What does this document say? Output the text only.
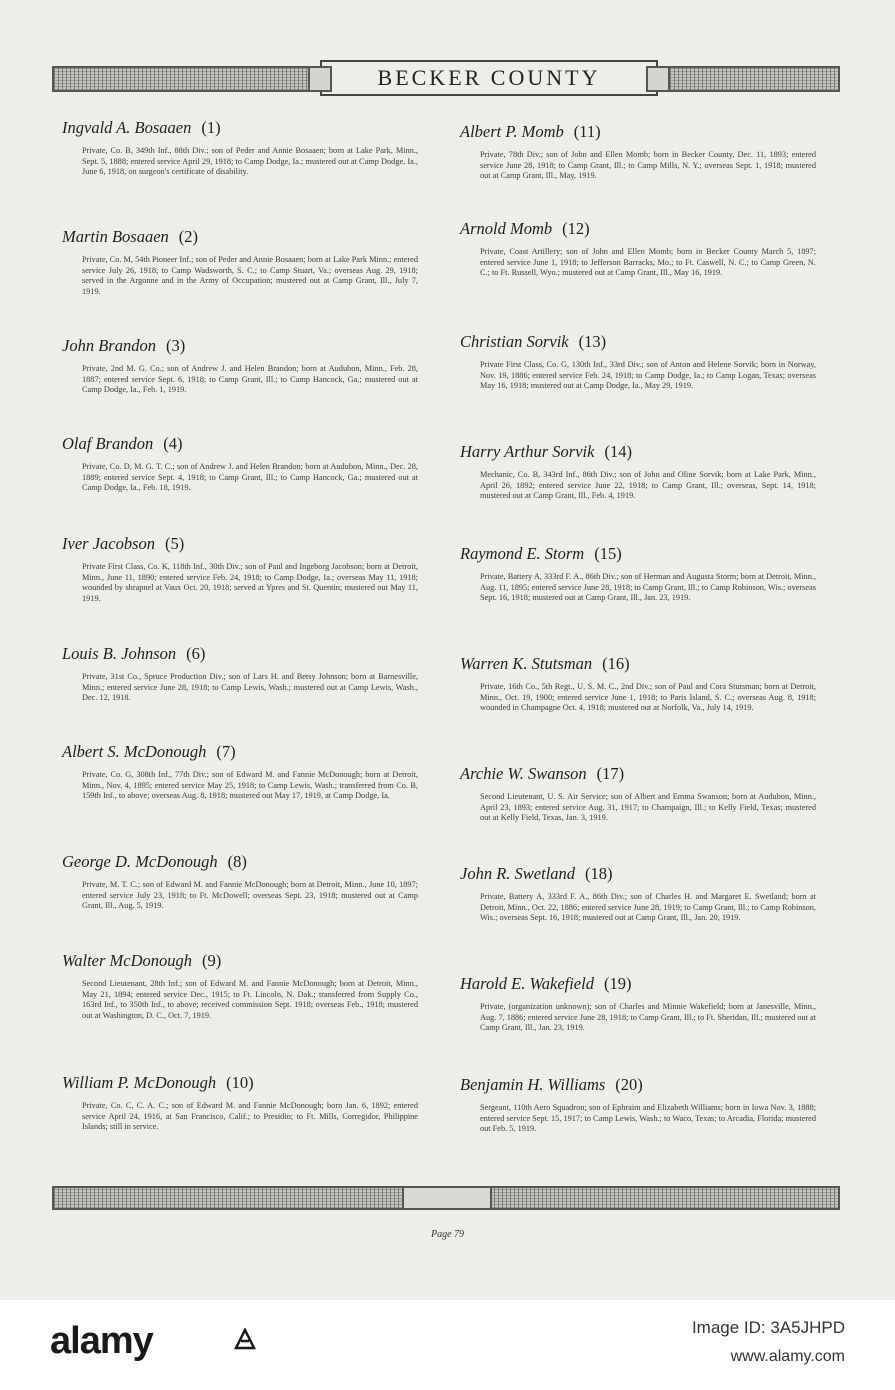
BECKER COUNTY
Ingvald A. Bosaaen (1)
Private, Co. B, 349th Inf., 88th Div.; son of Peder and Annie Bosaaen; born at Lake Park, Minn., Sept. 5, 1888; entered service April 29, 1918; to Camp Dodge, Ia.; mustered out at Camp Dodge, Ia., June 6, 1918, on surgeon's certificate of disability.
Martin Bosaaen (2)
Private, Co. M, 54th Pioneer Inf.; son of Peder and Annie Bosaaen; born at Lake Park Minn.; entered service July 26, 1918; to Camp Wadsworth, S. C.; to Camp Stuart, Va.; overseas Aug. 29, 1918; served in the Argonne and in the Army of Occupation; mustered out at Camp Grant, Ill., July 7, 1919.
John Brandon (3)
Private, 2nd M. G. Co.; son of Andrew J. and Helen Brandon; born at Audubon, Minn., Feb. 28, 1887; entered service Sept. 6, 1918; to Camp Grant, Ill.; to Camp Hancock, Ga.; mustered out at Camp Dodge, Ia., Feb. 1, 1919.
Olaf Brandon (4)
Private, Co. D, M. G. T. C.; son of Andrew J. and Helen Brandon; born at Audubon, Minn., Dec. 28, 1889; entered service Sept. 4, 1918; to Camp Grant, Ill.; to Camp Hancock, Ga.; mustered out at Camp Dodge, Ia., Feb. 18, 1919.
Iver Jacobson (5)
Private First Class, Co. K, 118th Inf., 30th Div.; son of Paul and Ingeborg Jacobson; born at Detroit, Minn., June 11, 1890; entered service Feb. 24, 1918; to Camp Dodge, Ia.; overseas May 11, 1918; wounded by shrapnel at Vaux Oct. 20, 1918; served at Ypres and St. Quentin; mustered out May 11, 1919.
Louis B. Johnson (6)
Private, 31st Co., Spruce Production Div.; son of Lars H. and Betsy Johnson; born at Barnesville, Minn.; entered service June 28, 1918; to Camp Lewis, Wash.; mustered out at Camp Lewis, Wash., Dec. 12, 1918.
Albert S. McDonough (7)
Private, Co. G, 308th Inf., 77th Div.; son of Edward M. and Fannie McDonough; born at Detroit, Minn., Nov. 4, 1895; entered service May 25, 1918; to Camp Lewis, Wash.; transferred from Co. B, 159th Inf., to above; overseas Aug. 8, 1918; mustered out May 17, 1919, at Camp Dodge, Ia.
George D. McDonough (8)
Private, M. T. C.; son of Edward M. and Fannie McDonough; born at Detroit, Minn., June 10, 1897; entered service July 23, 1918; to Ft. McDowell; overseas Sept. 23, 1918; mustered out at Camp Grant, Ill., Aug. 5, 1919.
Walter McDonough (9)
Second Lieutenant, 28th Inf.; son of Edward M. and Fannie McDonough; born at Detroit, Minn., May 21, 1894; entered service Dec., 1915; to Ft. Lincoln, N. Dak.; transferred from Supply Co., 163rd Inf., to 350th Inf., to above; received commission Sept. 1918; overseas Feb., 1918; mustered out at Washington, D. C., Oct. 7, 1919.
William P. McDonough (10)
Private, Co. C, C. A. C.; son of Edward M. and Fannie McDonough; born Jan. 6, 1892; entered service April 24, 1916, at San Francisco, Calif.; to Presidio; to Ft. Mills, Corregidor, Philippine Islands; still in service.
Albert P. Momb (11)
Private, 78th Div.; son of John and Ellen Momb; born in Becker County, Dec. 11, 1893; entered service June 28, 1918; to Camp Grant, Ill.; to Camp Mills, N. Y.; overseas Sept. 1, 1918; mustered out at Camp Grant, Ill., May, 1919.
Arnold Momb (12)
Private, Coast Artillery; son of John and Ellen Momb; born in Becker County March 5, 1897; entered service June 1, 1918; to Jefferson Barracks, Mo.; to Ft. Caswell, N. C.; to Camp Green, N. C.; to Ft. Russell, Wyo.; mustered out at Camp Grant, Ill., May 16, 1919.
Christian Sorvik (13)
Private First Class, Co. G, 130th Inf., 33rd Div.; son of Anton and Helene Sorvik; born in Norway, Nov. 19, 1886; entered service Feb. 24, 1918; to Camp Dodge, Ia.; to Camp Logan, Texas; overseas May 16, 1918; mustered out at Camp Dodge, Ia., May 29, 1919.
Harry Arthur Sorvik (14)
Mechanic, Co. B, 343rd Inf., 86th Div.; son of John and Oline Sorvik; born at Lake Park, Minn., April 26, 1892; entered service June 22, 1918; to Camp Grant, Ill.; overseas, Sept. 14, 1918; mustered out at Camp Grant, Ill., Feb. 4, 1919.
Raymond E. Storm (15)
Private, Battery A, 333rd F. A., 86th Div.; son of Herman and Augusta Storm; born at Detroit, Minn., Aug. 11, 1895; entered service June 28, 1918; to Camp Grant, Ill.; to Camp Robinson, Wis.; overseas Sept. 16, 1918; mustered out at Camp Grant, Ill., Jan. 23, 1919.
Warren K. Stutsman (16)
Private, 16th Co., 5th Regt., U. S. M. C., 2nd Div.; son of Paul and Cora Stutsman; born at Detroit, Minn., Oct. 19, 1900; entered service June 1, 1918; to Paris Island, S. C.; overseas Aug. 8, 1918; wounded in Champagne Oct. 4, 1918; mustered out at Norfolk, Va., July 14, 1919.
Archie W. Swanson (17)
Second Lieutenant, U. S. Air Service; son of Albert and Emma Swanson; born at Audubon, Minn., April 23, 1893; entered service Aug. 31, 1917; to Champaign, Ill.; to Kelly Field, Texas; mustered out at Kelly Field, Texas, Jan. 3, 1919.
John R. Swetland (18)
Private, Battery A, 333rd F. A., 86th Div.; son of Charles H. and Margaret E. Swetland; born at Detroit, Minn., Oct. 22, 1886; entered service June 28, 1919; to Camp Grant, Ill.; to Camp Robinson, Wis.; overseas Sept. 16, 1918; mustered out at Camp Grant, Ill., Jan. 20, 1919.
Harold E. Wakefield (19)
Private, (organization unknown); son of Charles and Minnie Wakefield; born at Janesville, Minn., Aug. 7, 1886; entered service June 28, 1918; to Camp Grant, Ill.; to Ft. Sheridan, Ill.; mustered out at Camp Grant, Ill., Jan. 23, 1919.
Benjamin H. Williams (20)
Sergeant, 110th Aero Squadron; son of Ephraim and Elizabeth Williams; born in Iowa Nov. 3, 1888; entered service Sept. 15, 1917; to Camp Lewis, Wash.; to Waco, Texas; to Arcadia, Florida; mustered out Feb. 5, 1919.
Page 79
alamy	Image ID: 3A5JHPD
www.alamy.com
